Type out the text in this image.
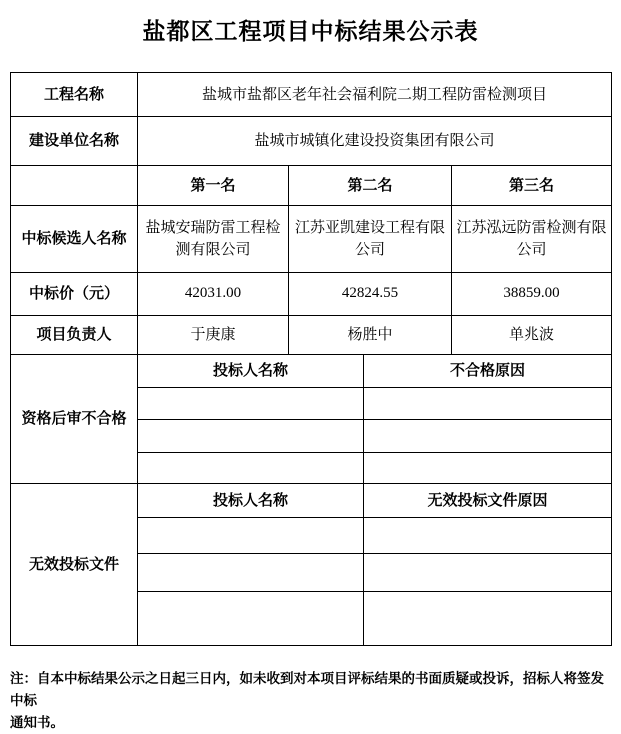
盐都区工程项目中标结果公示表
工程名称	盐城市盐都区老年社会福利院二期工程防雷检测项目			
建设单位名称	盐城市城镇化建设投资集团有限公司			
	第一名	第二名		第三名
中标候选人名称	盐城安瑞防雷工程检测有限公司	江苏亚凯建设工程有限公司		江苏泓远防雷检测有限公司
中标价（元）	42031.00	42824.55		38859.00
项目负责人	于庚康	杨胜中		单兆波
资格后审不合格	投标人名称		不合格原因	

无效投标文件	投标人名称		无效投标文件原因	

注：自本中标结果公示之日起三日内，如未收到对本项目评标结果的书面质疑或投诉，招标人将签发中标
通知书。
